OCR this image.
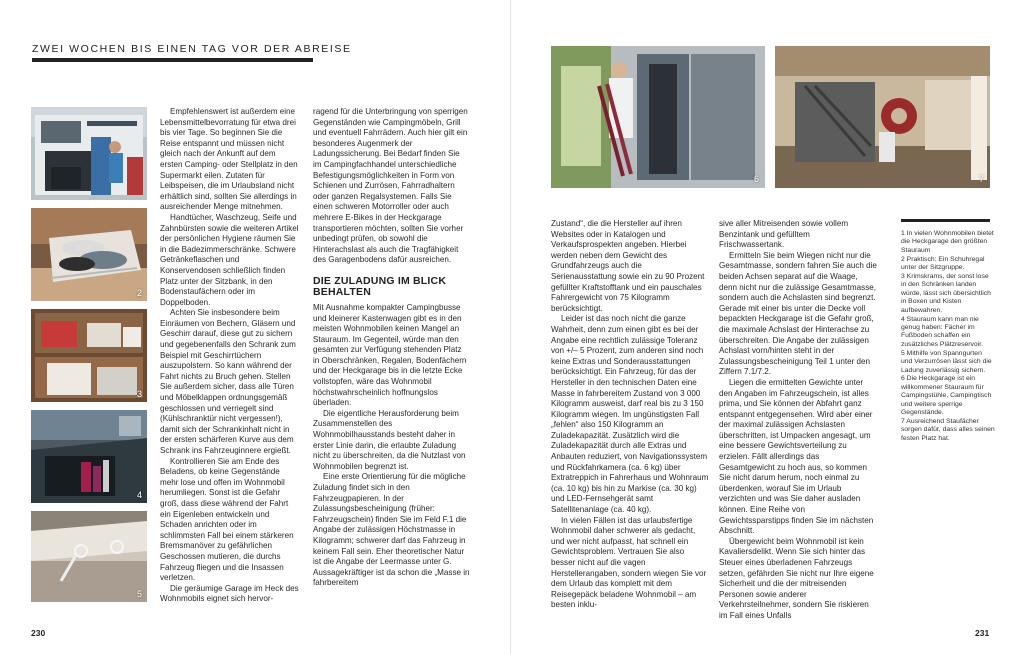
ZWEI WOCHEN BIS EINEN TAG VOR DER ABREISE
2
3
4
5

Empfehlenswert ist außerdem eine Lebensmittelbevorratung für etwa drei bis vier Tage. So beginnen Sie die Reise entspannt und müssen nicht gleich nach der Ankunft auf dem ersten Camping- oder Stellplatz in den Supermarkt eilen. Zutaten für Leibspeisen, die im Urlaubsland nicht erhältlich sind, sollten Sie allerdings in ausreichender Menge mitnehmen.

Handtücher, Waschzeug, Seife und Zahnbürsten sowie die weiteren Artikel der persönlichen Hygiene räumen Sie in die Badezimmerschränke. Schwere Getränkeflaschen und Konservendosen schließlich finden Platz unter der Sitzbank, in den Bodenstaufächern oder im Doppelboden.

Achten Sie insbesondere beim Einräumen von Bechern, Gläsern und Geschirr darauf, diese gut zu sichern und gegebenenfalls den Schrank zum Beispiel mit Geschirrtüchern auszupolstern. So kann während der Fahrt nichts zu Bruch gehen. Stellen Sie außerdem sicher, dass alle Türen und Möbelklappen ordnungsgemäß geschlossen und verriegelt sind (Kühlschranktür nicht vergessen!), damit sich der Schrankinhalt nicht in der ersten schärferen Kurve aus dem Schrank ins Fahrzeuginnere ergießt.

Kontrollieren Sie am Ende des Beladens, ob keine Gegenstände mehr lose und offen im Wohnmobil herumliegen. Sonst ist die Gefahr groß, dass diese während der Fahrt ein Eigenleben entwickeln und Schaden anrichten oder im schlimmsten Fall bei einem stärkeren Bremsmanöver zu gefährlichen Geschossen mutieren, die durchs Fahrzeug fliegen und die Insassen verletzen.

Die geräumige Garage im Heck des Wohnmobils eignet sich hervor-

ragend für die Unterbringung von sperrigen Gegenständen wie Campingmöbeln, Grill und eventuell Fahrrädern. Auch hier gilt ein besonderes Augenmerk der Ladungssicherung. Bei Bedarf finden Sie im Campingfachhandel unterschiedliche Befestigungsmöglichkeiten in Form von Schienen und Zurrösen, Fahrradhaltern oder ganzen Regalsystemen. Falls Sie einen schweren Motorroller oder auch mehrere E-Bikes in der Heckgarage transportieren möchten, sollten Sie vorher unbedingt prüfen, ob sowohl die Hinterachslast als auch die Tragfähigkeit des Garagenbodens dafür ausreichen.

DIE ZULADUNG IM BLICK BEHALTEN

Mit Ausnahme kompakter Campingbusse und kleinerer Kastenwagen gibt es in den meisten Wohnmobilen keinen Mangel an Stauraum. Im Gegenteil, würde man den gesamten zur Verfügung stehenden Platz in Oberschränken, Regalen, Bodenfächern und der Heckgarage bis in die letzte Ecke vollstopfen, wäre das Wohnmobil höchstwahrscheinlich hoffnungslos überladen.

Die eigentliche Herausforderung beim Zusammenstellen des Wohnmobilhausstands besteht daher in erster Linie darin, die erlaubte Zuladung nicht zu überschreiten, da die Nutzlast von Wohnmobilen begrenzt ist.

Eine erste Orientierung für die mögliche Zuladung findet sich in den Fahrzeugpapieren. In der Zulassungsbescheinigung (früher: Fahrzeugschein) finden Sie im Feld F.1 die Angabe der zulässigen Höchstmasse in Kilogramm; schwerer darf das Fahrzeug in keinem Fall sein. Eher theoretischer Natur ist die Angabe der Leermasse unter G. Aussagekräftiger ist da schon die „Masse in fahrbereitem

230
6	7

Zustand“, die die Hersteller auf ihren Websites oder in Katalogen und Verkaufsprospekten angeben. Hierbei werden neben dem Gewicht des Grundfahrzeugs auch die Serienausstattung sowie ein zu 90 Prozent gefüllter Kraftstofftank und ein pauschales Fahrergewicht von 75 Kilogramm berücksichtigt.

Leider ist das noch nicht die ganze Wahrheit, denn zum einen gibt es bei der Angabe eine rechtlich zulässige Toleranz von +/– 5 Prozent, zum anderen sind noch keine Extras und Sonderausstattungen berücksichtigt. Ein Fahrzeug, für das der Hersteller in den technischen Daten eine Masse in fahrbereitem Zustand von 3 000 Kilogramm ausweist, darf real bis zu 3 150 Kilogramm wiegen. Im ungünstigsten Fall „fehlen“ also 150 Kilogramm an Zuladekapazität. Zusätzlich wird die Zuladekapazität durch alle Extras und Anbauten reduziert, von Navigationssystem und Rückfahrkamera (ca. 6 kg) über Extratreppich in Fahrerhaus und Wohnraum (ca. 10 kg) bis hin zu Markise (ca. 30 kg) und LED-Fernsehgerät samt Satellitenanlage (ca. 40 kg).

In vielen Fällen ist das urlaubsfertige Wohnmobil daher schwerer als gedacht, und wer nicht aufpasst, hat schnell ein Gewichtsproblem. Vertrauen Sie also besser nicht auf die vagen Herstellerangaben, sondern wiegen Sie vor dem Urlaub das komplett mit dem Reisegepäck beladene Wohnmobil – am besten inklu-

sive aller Mitreisenden sowie vollem Benzintank und gefülltem Frischwassertank.

Ermitteln Sie beim Wiegen nicht nur die Gesamtmasse, sondern fahren Sie auch die beiden Achsen separat auf die Waage, denn nicht nur die zulässige Gesamtmasse, sondern auch die Achslasten sind begrenzt. Gerade mit einer bis unter die Decke voll bepackten Heckgarage ist die Gefahr groß, die maximale Achslast der Hinterachse zu überschreiten. Die Angabe der zulässigen Achslast vorn/hinten steht in der Zulassungsbescheinigung Teil 1 unter den Ziffern 7.1/7.2.

Liegen die ermittelten Gewichte unter den Angaben im Fahrzeugschein, ist alles prima, und Sie können der Abfahrt ganz entspannt entgegensehen. Wird aber einer der maximal zulässigen Achslasten überschritten, ist Umpacken angesagt, um eine bessere Gewichtsverteilung zu erzielen. Fällt allerdings das Gesamtgewicht zu hoch aus, so kommen Sie nicht darum herum, noch einmal zu überdenken, worauf Sie im Urlaub verzichten und was Sie daher ausladen können. Eine Reihe von Gewichtssparstipps finden Sie im nächsten Abschnitt.

Übergewicht beim Wohnmobil ist kein Kavaliersdelikt. Wenn Sie sich hinter das Steuer eines überladenen Fahrzeugs setzen, gefährden Sie nicht nur Ihre eigene Sicherheit und die der mitreisenden Personen sowie anderer Verkehrsteilnehmer, sondern Sie riskieren im Fall eines Unfalls

1 In vielen Wohnmobilen bietet die Heckgarage den größten Stauraum
2 Praktisch: Ein Schuhregal unter der Sitzgruppe.
3 Krimskrams, der sonst lose in den Schränken landen würde, lässt sich übersichtlich in Boxen und Kisten aufbewahren.
4 Stauraum kann man nie genug haben: Fächer im Fußboden schaffen ein zusätzliches Plätzreservoir.
5 Mithilfe von Spanngurten und Verzurrösen lässt sich die Ladung zuverlässig sichern.
6 Die Heckgarage ist ein willkommener Stauraum für Campingstühle, Campingtisch und weitere sperrige Gegenstände.
7 Ausreichend Staufächer sorgen dafür, dass alles seinen festen Platz hat.
231
